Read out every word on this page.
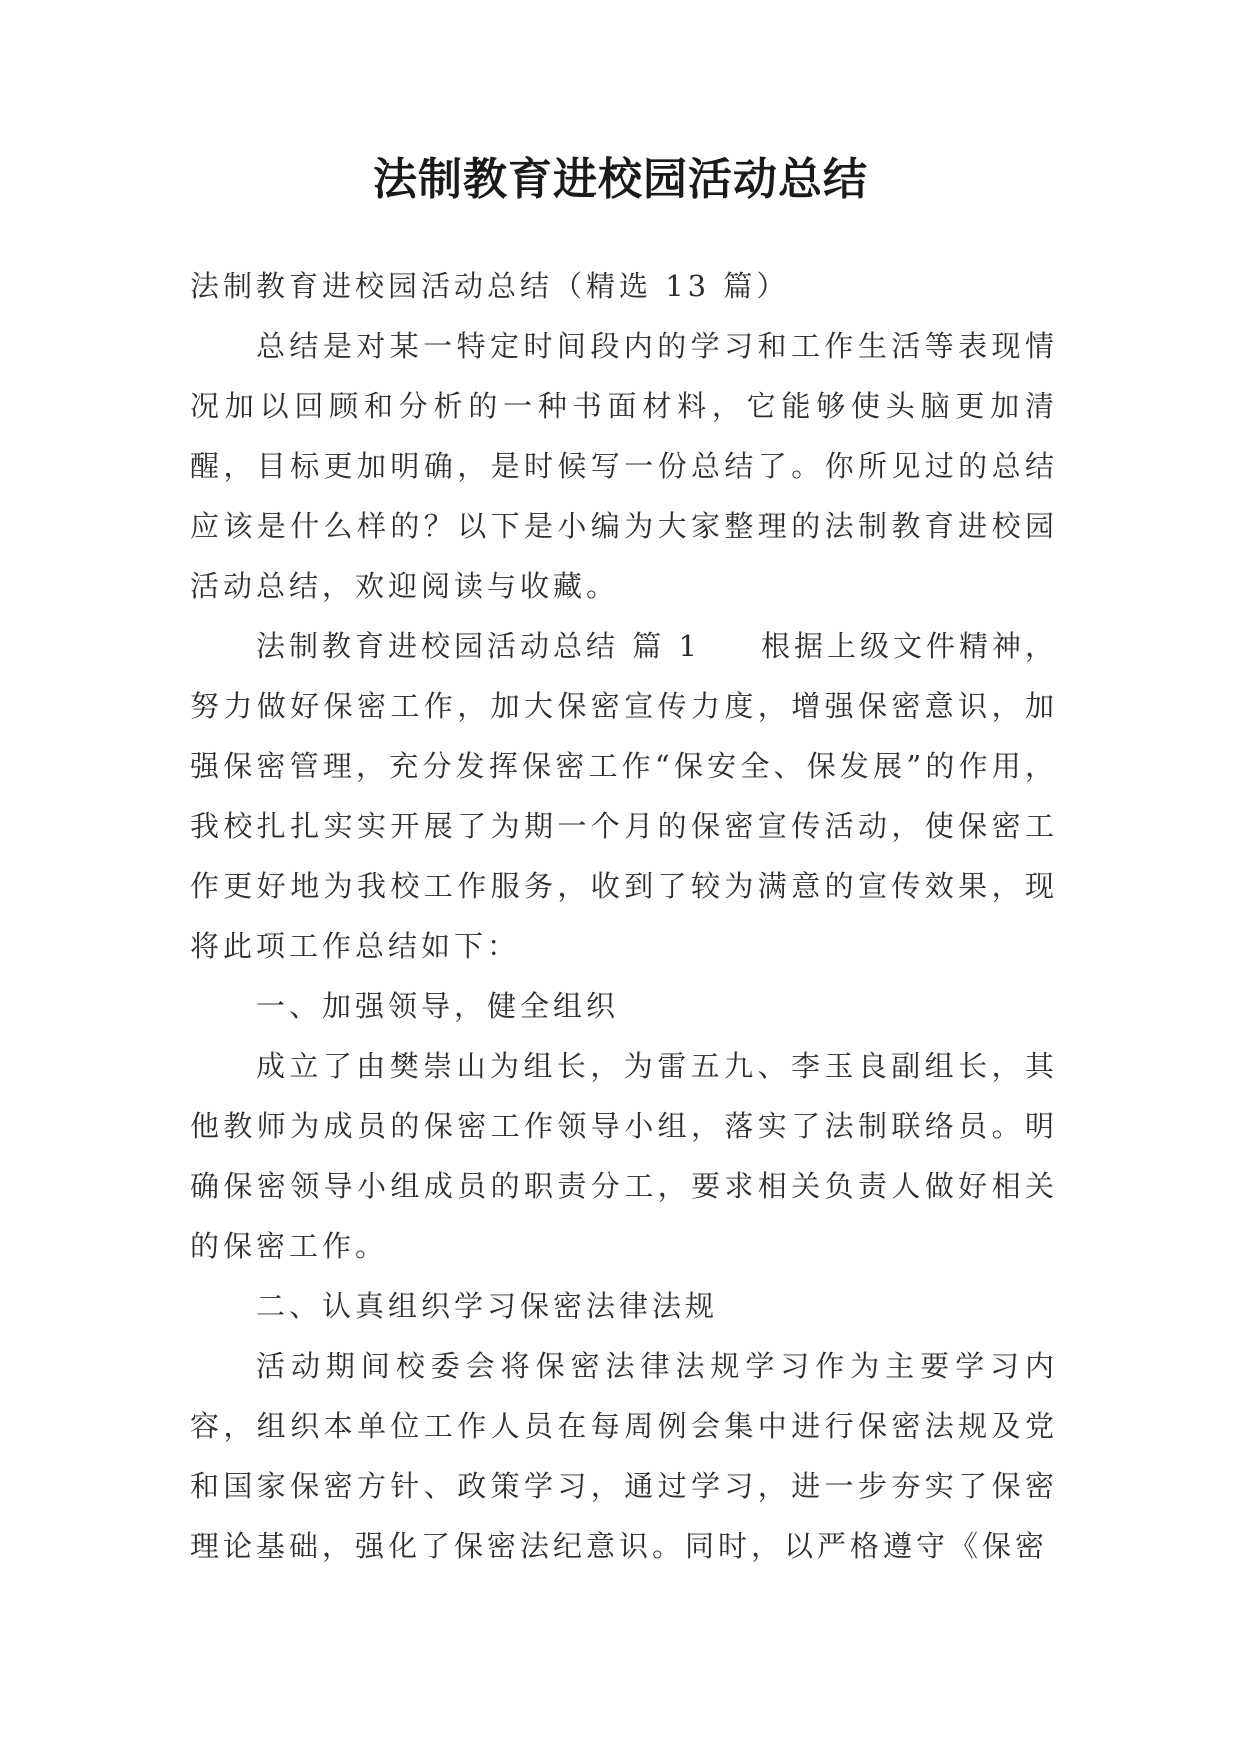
法制教育进校园活动总结

法制教育进校园活动总结（精选 13 篇）

总结是对某一特定时间段内的学习和工作生活等表现情况加以回顾和分析的一种书面材料，它能够使头脑更加清醒，目标更加明确，是时候写一份总结了。你所见过的总结应该是什么样的？以下是小编为大家整理的法制教育进校园活动总结，欢迎阅读与收藏。

法制教育进校园活动总结 篇 1 根据上级文件精神，努力做好保密工作，加大保密宣传力度，增强保密意识，加强保密管理，充分发挥保密工作“保安全、保发展”的作用，我校扎扎实实开展了为期一个月的保密宣传活动，使保密工作更好地为我校工作服务，收到了较为满意的宣传效果，现将此项工作总结如下：

一、加强领导，健全组织

成立了由樊崇山为组长，为雷五九、李玉良副组长，其他教师为成员的保密工作领导小组，落实了法制联络员。明确保密领导小组成员的职责分工，要求相关负责人做好相关的保密工作。

二、认真组织学习保密法律法规

活动期间校委会将保密法律法规学习作为主要学习内容，组织本单位工作人员在每周例会集中进行保密法规及党和国家保密方针、政策学习，通过学习，进一步夯实了保密理论基础，强化了保密法纪意识。同时，以严格遵守《保密
